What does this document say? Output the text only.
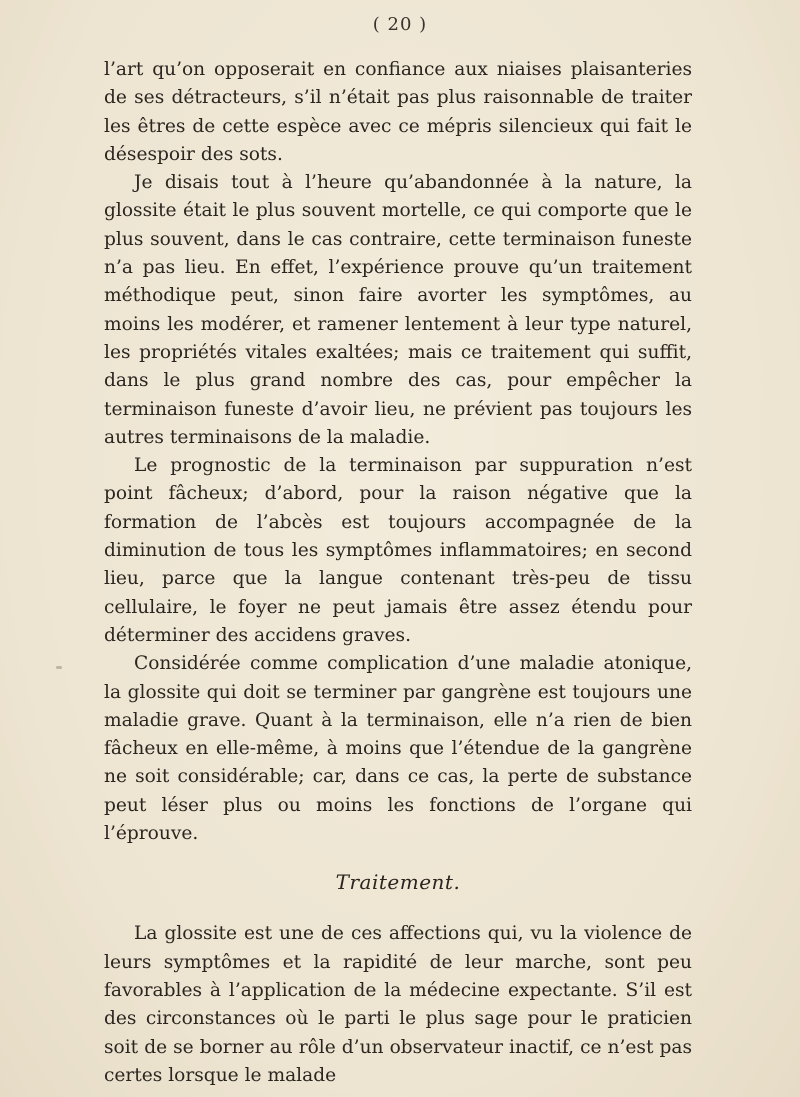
( 20 )

l’art qu’on opposerait en confiance aux niaises plaisanteries de ses détracteurs, s’il n’était pas plus raisonnable de traiter les êtres de cette espèce avec ce mépris silencieux qui fait le désespoir des sots.

Je disais tout à l’heure qu’abandonnée à la nature, la glossite était le plus souvent mortelle, ce qui comporte que le plus souvent, dans le cas contraire, cette terminaison funeste n’a pas lieu. En effet, l’expérience prouve qu’un traitement méthodique peut, sinon faire avorter les symptômes, au moins les modérer, et ramener lentement à leur type naturel, les propriétés vitales exaltées; mais ce traitement qui suffit, dans le plus grand nombre des cas, pour empêcher la terminaison funeste d’avoir lieu, ne prévient pas toujours les autres terminaisons de la maladie.

Le prognostic de la terminaison par suppuration n’est point fâcheux; d’abord, pour la raison négative que la formation de l’abcès est toujours accompagnée de la diminution de tous les symptômes inflammatoires; en second lieu, parce que la langue contenant très-peu de tissu cellulaire, le foyer ne peut jamais être assez étendu pour déterminer des accidens graves.

Considérée comme complication d’une maladie atonique, la glossite qui doit se terminer par gangrène est toujours une maladie grave. Quant à la terminaison, elle n’a rien de bien fâcheux en elle-même, à moins que l’étendue de la gangrène ne soit considérable; car, dans ce cas, la perte de substance peut léser plus ou moins les fonctions de l’organe qui l’éprouve.

Traitement.

La glossite est une de ces affections qui, vu la violence de leurs symptômes et la rapidité de leur marche, sont peu favorables à l’application de la médecine expectante. S’il est des circonstances où le parti le plus sage pour le praticien soit de se borner au rôle d’un observateur inactif, ce n’est pas certes lorsque le malade
